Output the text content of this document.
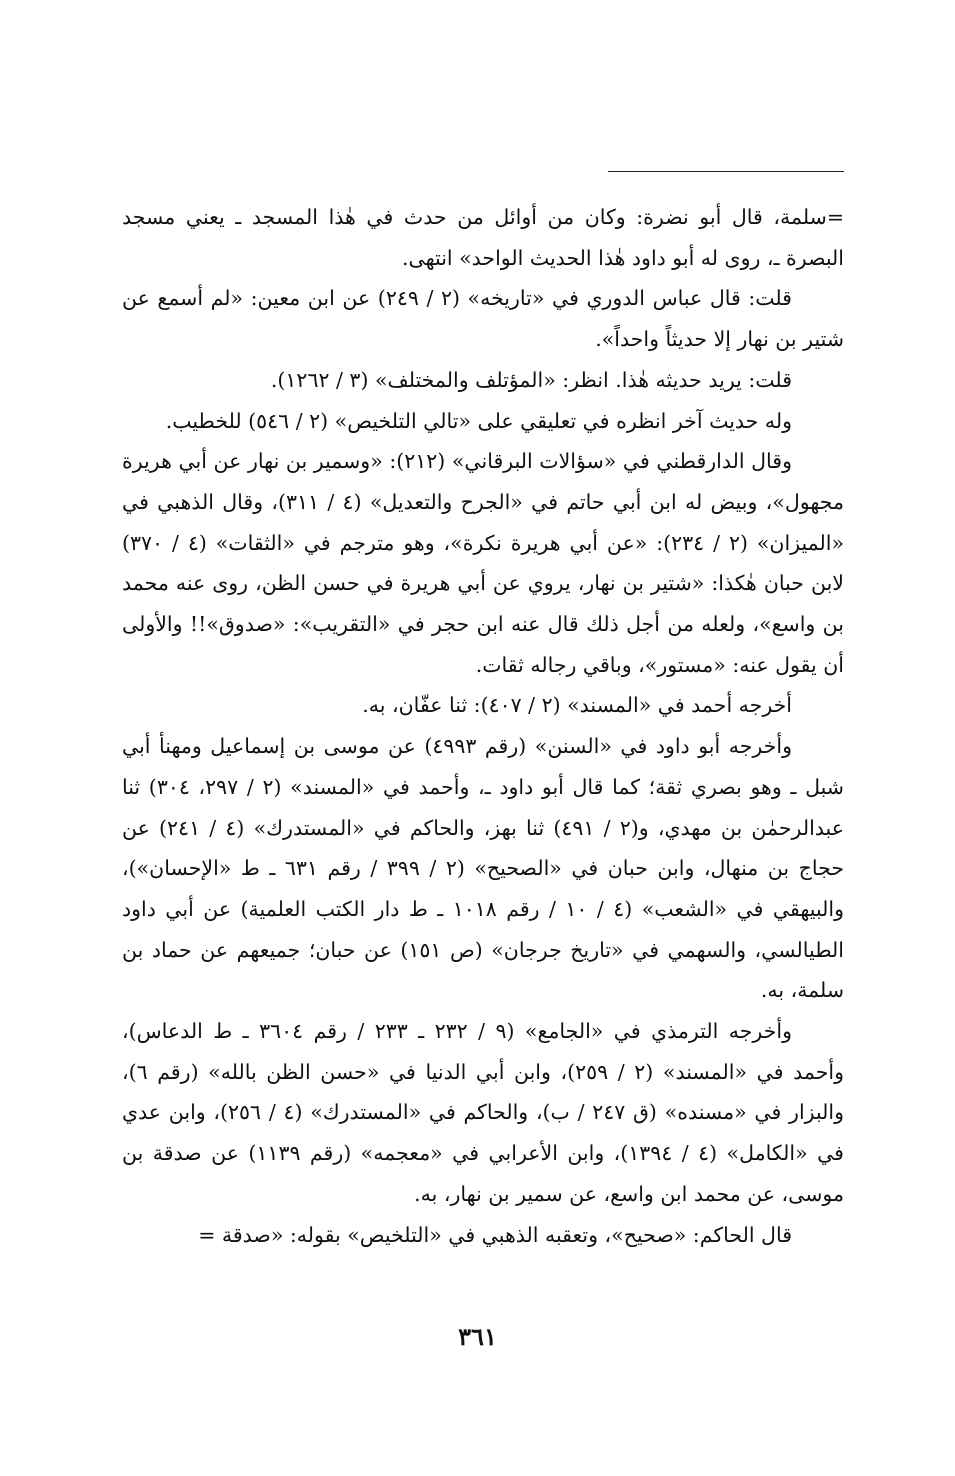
=سلمة، قال أبو نضرة: وكان من أوائل من حدث في هٰذا المسجد ـ يعني مسجد البصرة ـ، روى له أبو داود هٰذا الحديث الواحد» انتهى.

قلت: قال عباس الدوري في «تاريخه» (٢ / ٢٤٩) عن ابن معين: «لم أسمع عن شتير بن نهار إلا حديثاً واحداً».

قلت: يريد حديثه هٰذا. انظر: «المؤتلف والمختلف» (٣ / ١٢٦٢).

وله حديث آخر انظره في تعليقي على «تالي التلخيص» (٢ / ٥٤٦) للخطيب.

وقال الدارقطني في «سؤالات البرقاني» (٢١٢): «وسمير بن نهار عن أبي هريرة مجهول»، وبيض له ابن أبي حاتم في «الجرح والتعديل» (٤ / ٣١١)، وقال الذهبي في «الميزان» (٢ / ٢٣٤): «عن أبي هريرة نكرة»، وهو مترجم في «الثقات» (٤ / ٣٧٠) لابن حبان هٰكذا: «شتير بن نهار، يروي عن أبي هريرة في حسن الظن، روى عنه محمد بن واسع»، ولعله من أجل ذلك قال عنه ابن حجر في «التقريب»: «صدوق»!! والأولى أن يقول عنه: «مستور»، وباقي رجاله ثقات.

أخرجه أحمد في «المسند» (٢ / ٤٠٧): ثنا عفّان، به.

وأخرجه أبو داود في «السنن» (رقم ٤٩٩٣) عن موسى بن إسماعيل ومهنأ أبي شبل ـ وهو بصري ثقة؛ كما قال أبو داود ـ، وأحمد في «المسند» (٢ / ٢٩٧، ٣٠٤) ثنا عبدالرحمٰن بن مهدي، و(٢ / ٤٩١) ثنا بهز، والحاكم في «المستدرك» (٤ / ٢٤١) عن حجاج بن منهال، وابن حبان في «الصحيح» (٢ / ٣٩٩ / رقم ٦٣١ ـ ط «الإحسان»)، والبيهقي في «الشعب» (٤ / ١٠ / رقم ١٠١٨ ـ ط دار الكتب العلمية) عن أبي داود الطيالسي، والسهمي في «تاريخ جرجان» (ص ١٥١) عن حبان؛ جميعهم عن حماد بن سلمة، به.

وأخرجه الترمذي في «الجامع» (٩ / ٢٣٢ ـ ٢٣٣ / رقم ٣٦٠٤ ـ ط الدعاس)، وأحمد في «المسند» (٢ / ٢٥٩)، وابن أبي الدنيا في «حسن الظن بالله» (رقم ٦)، والبزار في «مسنده» (ق ٢٤٧ / ب)، والحاكم في «المستدرك» (٤ / ٢٥٦)، وابن عدي في «الكامل» (٤ / ١٣٩٤)، وابن الأعرابي في «معجمه» (رقم ١١٣٩) عن صدقة بن موسى، عن محمد ابن واسع، عن سمير بن نهار، به.

قال الحاكم: «صحيح»، وتعقبه الذهبي في «التلخيص» بقوله: «صدقة =

٣٦١
